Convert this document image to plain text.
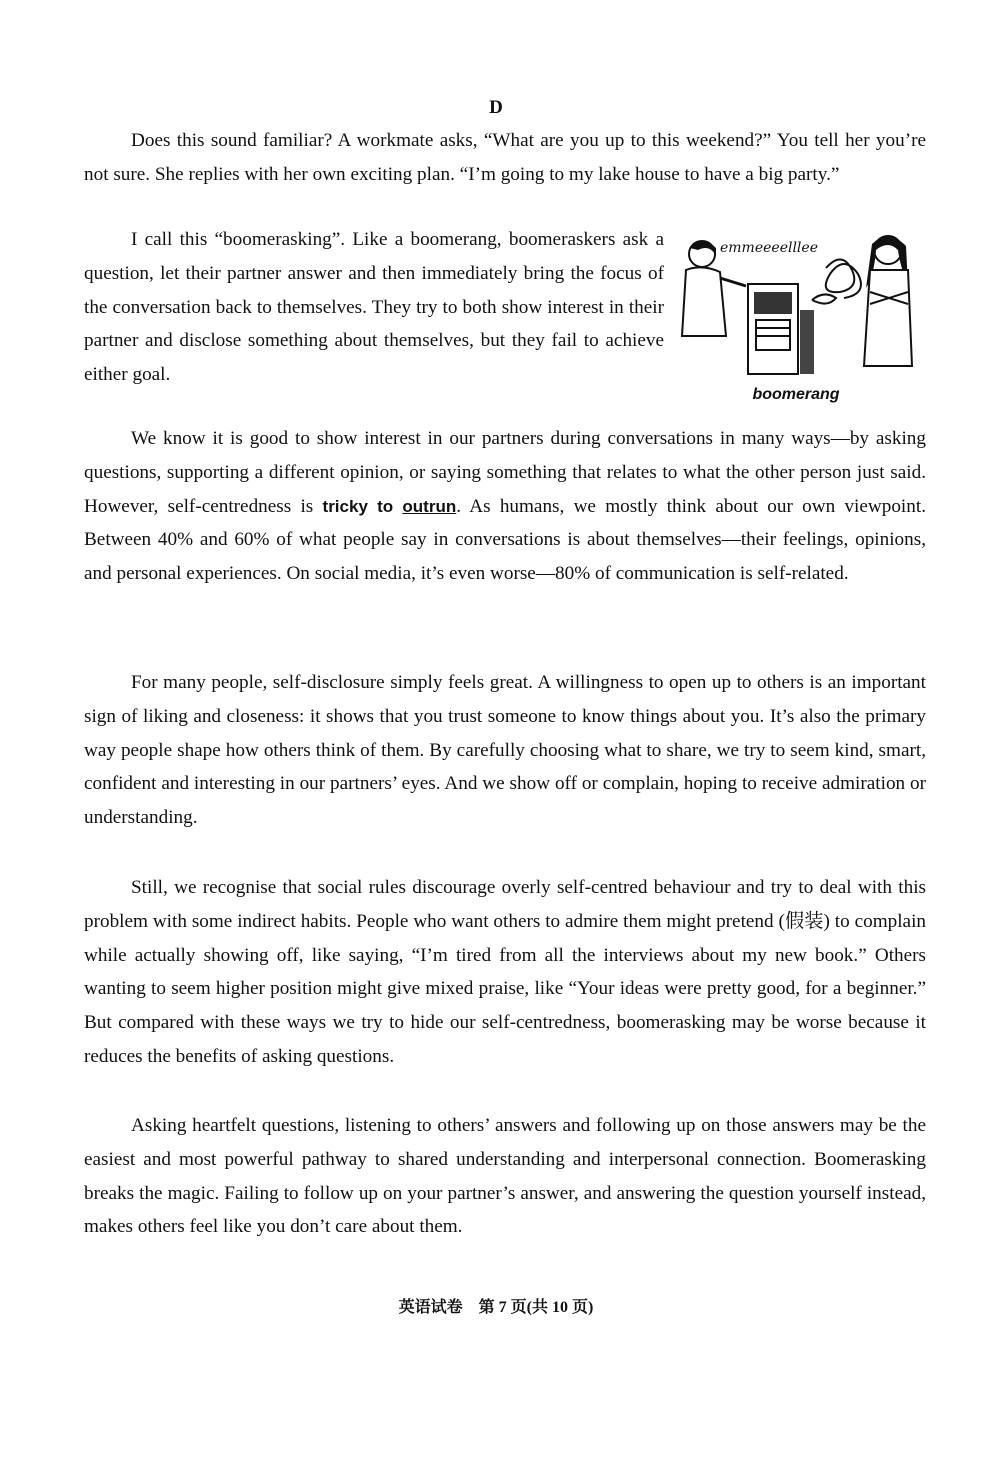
D

Does this sound familiar? A workmate asks, “What are you up to this weekend?” You tell her you’re not sure. She replies with her own exciting plan. “I’m going to my lake house to have a big party.”

I call this “boomerasking”. Like a boomerang, boomeraskers ask a question, let their partner answer and then immediately bring the focus of the conversation back to themselves. They try to both show interest in their partner and disclose something about themselves, but they fail to achieve either goal.

emmeeeelllee
boomerang

We know it is good to show interest in our partners during conversations in many ways—by asking questions, supporting a different opinion, or saying something that relates to what the other person just said. However, self-centredness is tricky to outrun. As humans, we mostly think about our own viewpoint. Between 40% and 60% of what people say in conversations is about themselves—their feelings, opinions, and personal experiences. On social media, it’s even worse—80% of communication is self-related.

For many people, self-disclosure simply feels great. A willingness to open up to others is an important sign of liking and closeness: it shows that you trust someone to know things about you. It’s also the primary way people shape how others think of them. By carefully choosing what to share, we try to seem kind, smart, confident and interesting in our partners’ eyes. And we show off or complain, hoping to receive admiration or understanding.

Still, we recognise that social rules discourage overly self-centred behaviour and try to deal with this problem with some indirect habits. People who want others to admire them might pretend (假装) to complain while actually showing off, like saying, “I’m tired from all the interviews about my new book.” Others wanting to seem higher position might give mixed praise, like “Your ideas were pretty good, for a beginner.” But compared with these ways we try to hide our self-centredness, boomerasking may be worse because it reduces the benefits of asking questions.

Asking heartfelt questions, listening to others’ answers and following up on those answers may be the easiest and most powerful pathway to shared understanding and interpersonal connection. Boomerasking breaks the magic. Failing to follow up on your partner’s answer, and answering the question yourself instead, makes others feel like you don’t care about them.

英语试卷　第 7 页(共 10 页)
